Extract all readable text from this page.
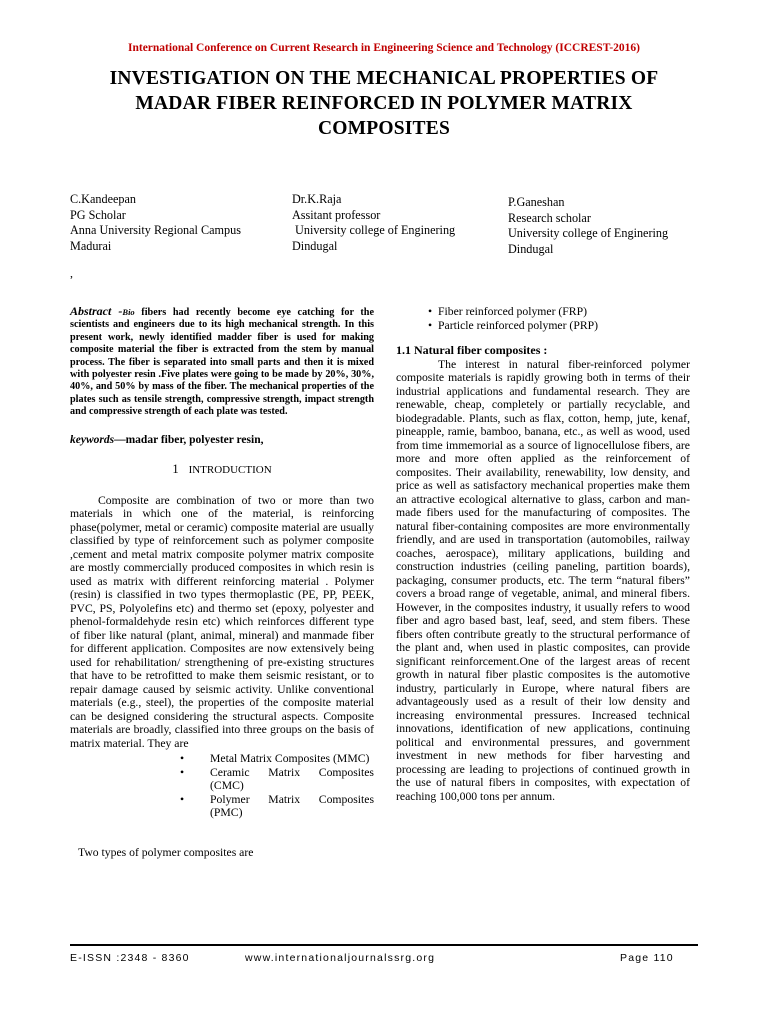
International Conference on Current Research in Engineering Science and Technology (ICCREST-2016)
INVESTIGATION ON THE MECHANICAL PROPERTIES OF
MADAR FIBER REINFORCED IN POLYMER MATRIX
COMPOSITES
C.Kandeepan
PG Scholar
Anna University Regional Campus
Madurai
Dr.K.Raja
Assitant professor
University college of Enginering
Dindugal
P.Ganeshan
Research scholar
University college of Enginering
Dindugal
,

Abstract -Bio fibers had recently become eye catching for the scientists and engineers due to its high mechanical strength. In this present work, newly identified madder fiber is used for making composite material the fiber is extracted from the stem by manual process. The fiber is separated into small parts and then it is mixed with polyester resin .Five plates were going to be made by 20%, 30%, 40%, and 50% by mass of the fiber. The mechanical properties of the plates such as tensile strength, compressive strength, impact strength and compressive strength of each plate was tested.

keywords—madar fiber, polyester resin,
1 INTRODUCTION

Composite are combination of two or more than two materials in which one of the material, is reinforcing phase(polymer, metal or ceramic) composite material are usually classified by type of reinforcement such as polymer composite ,cement and metal matrix composite polymer matrix composite are mostly commercially produced composites in which resin is used as matrix with different reinforcing material . Polymer (resin) is classified in two types thermoplastic (PE, PP, PEEK, PVC, PS, Polyolefins etc) and thermo set (epoxy, polyester and phenol-formaldehyde resin etc) which reinforces different type of fiber like natural (plant, animal, mineral) and manmade fiber for different application. Composites are now extensively being used for rehabilitation/ strengthening of pre-existing structures that have to be retrofitted to make them seismic resistant, or to repair damage caused by seismic activity. Unlike conventional materials (e.g., steel), the properties of the composite material can be designed considering the structural aspects. Composite materials are broadly, classified into three groups on the basis of matrix material. They are

• Metal Matrix Composites (MMC)
• Ceramic Matrix Composites
(CMC)
• Polymer Matrix Composites
(PMC)
Two types of polymer composites are
• Fiber reinforced polymer (FRP)
• Particle reinforced polymer (PRP)
1.1 Natural fiber composites :

The interest in natural fiber-reinforced polymer composite materials is rapidly growing both in terms of their industrial applications and fundamental research. They are renewable, cheap, completely or partially recyclable, and biodegradable. Plants, such as flax, cotton, hemp, jute, kenaf, pineapple, ramie, bamboo, banana, etc., as well as wood, used from time immemorial as a source of lignocellulose fibers, are more and more often applied as the reinforcement of composites. Their availability, renewability, low density, and price as well as satisfactory mechanical properties make them an attractive ecological alternative to glass, carbon and man-made fibers used for the manufacturing of composites. The natural fiber-containing composites are more environmentally friendly, and are used in transportation (automobiles, railway coaches, aerospace), military applications, building and construction industries (ceiling paneling, partition boards), packaging, consumer products, etc. The term “natural fibers” covers a broad range of vegetable, animal, and mineral fibers. However, in the composites industry, it usually refers to wood fiber and agro based bast, leaf, seed, and stem fibers. These fibers often contribute greatly to the structural performance of the plant and, when used in plastic composites, can provide significant reinforcement.One of the largest areas of recent growth in natural fiber plastic composites is the automotive industry, particularly in Europe, where natural fibers are advantageously used as a result of their low density and increasing environmental pressures. Increased technical innovations, identification of new applications, continuing political and environmental pressures, and government investment in new methods for fiber harvesting and processing are leading to projections of continued growth in the use of natural fibers in composites, with expectation of reaching 100,000 tons per annum.

E-ISSN :2348 - 8360	www.internationaljournalssrg.org	Page 110
